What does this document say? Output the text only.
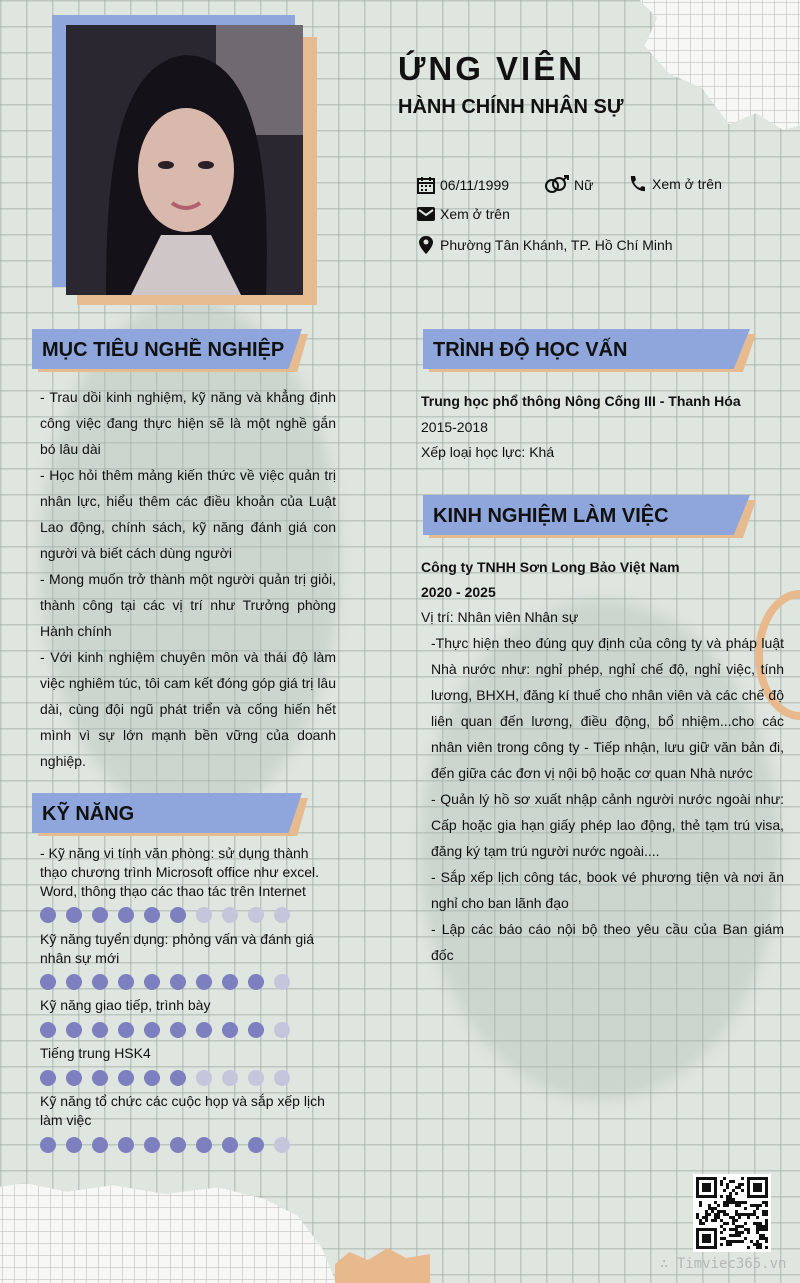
ỨNG VIÊN
HÀNH CHÍNH NHÂN SỰ
06/11/1999	Nữ	Xem ở trên
Xem ở trên
Phường Tân Khánh, TP. Hồ Chí Minh
MỤC TIÊU NGHỀ NGHIỆP

- Trau dồi kinh nghiệm, kỹ năng và khẳng định công việc đang thực hiện sẽ là một nghề gắn bó lâu dài

- Học hỏi thêm mảng kiến thức về việc quản trị nhân lực, hiểu thêm các điều khoản của Luật Lao động, chính sách, kỹ năng đánh giá con người và biết cách dùng người

- Mong muốn trở thành một người quản trị giỏi, thành công tại các vị trí như Trưởng phòng Hành chính

- Với kinh nghiệm chuyên môn và thái độ làm việc nghiêm túc, tôi cam kết đóng góp giá trị lâu dài, cùng đội ngũ phát triển và cống hiến hết mình vì sự lớn mạnh bền vững của doanh nghiệp.

KỸ NĂNG
- Kỹ năng vi tính văn phòng: sử dụng thành thạo chương trình Microsoft office như excel. Word, thông thạo các thao tác trên Internet
Kỹ năng tuyển dụng: phỏng vấn và đánh giá nhân sự mới
Kỹ năng giao tiếp, trình bày
Tiếng trung HSK4
Kỹ năng tổ chức các cuộc họp và sắp xếp lịch làm việc
TRÌNH ĐỘ HỌC VẤN

Trung học phổ thông Nông Cống III - Thanh Hóa

2015-2018

Xếp loại học lực: Khá

KINH NGHIỆM LÀM VIỆC

Công ty TNHH Sơn Long Bảo Việt Nam

2020 - 2025

Vị trí: Nhân viên Nhân sự

-Thực hiện theo đúng quy định của công ty và pháp luật Nhà nước như: nghỉ phép, nghỉ chế độ, nghỉ việc, tính lương, BHXH, đăng kí thuế cho nhân viên và các chế độ liên quan đến lương, điều động, bổ nhiệm...cho các nhân viên trong công ty - Tiếp nhận, lưu giữ văn bản đi, đến giữa các đơn vị nội bộ hoặc cơ quan Nhà nước

- Quản lý hồ sơ xuất nhập cảnh người nước ngoài như: Cấp hoặc gia hạn giấy phép lao động, thẻ tạm trú visa, đăng ký tạm trú người nước ngoài....

- Sắp xếp lịch công tác, book vé phương tiện và nơi ăn nghỉ cho ban lãnh đạo

- Lập các báo cáo nội bộ theo yêu cầu của Ban giám đốc

∴ Timviec365.vn
